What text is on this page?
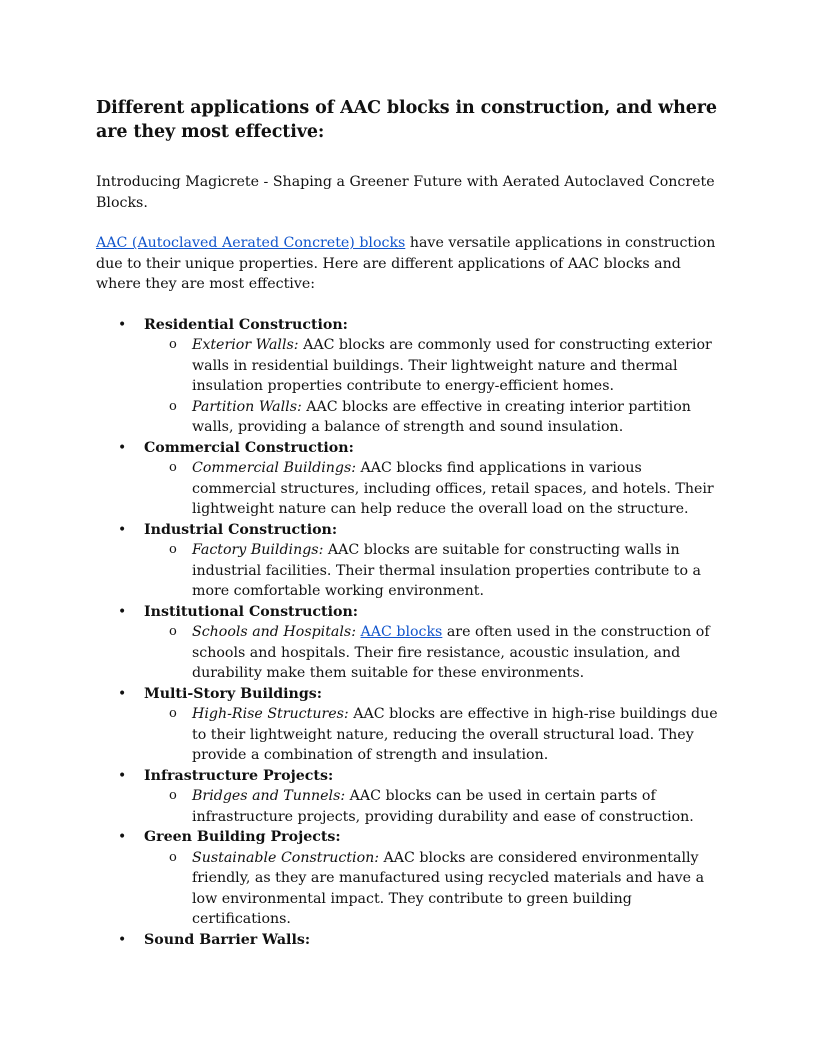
Different applications of AAC blocks in construction, and where are they most effective:

Introducing Magicrete - Shaping a Greener Future with Aerated Autoclaved Concrete Blocks.

AAC (Autoclaved Aerated Concrete) blocks have versatile applications in construction due to their unique properties. Here are different applications of AAC blocks and where they are most effective:

• Residential Construction:
o Exterior Walls: AAC blocks are commonly used for constructing exterior walls in residential buildings. Their lightweight nature and thermal insulation properties contribute to energy-efficient homes.
o Partition Walls: AAC blocks are effective in creating interior partition walls, providing a balance of strength and sound insulation.
• Commercial Construction:
o Commercial Buildings: AAC blocks find applications in various commercial structures, including offices, retail spaces, and hotels. Their lightweight nature can help reduce the overall load on the structure.
• Industrial Construction:
o Factory Buildings: AAC blocks are suitable for constructing walls in industrial facilities. Their thermal insulation properties contribute to a more comfortable working environment.
• Institutional Construction:
o Schools and Hospitals: AAC blocks are often used in the construction of schools and hospitals. Their fire resistance, acoustic insulation, and durability make them suitable for these environments.
• Multi-Story Buildings:
o High-Rise Structures: AAC blocks are effective in high-rise buildings due to their lightweight nature, reducing the overall structural load. They provide a combination of strength and insulation.
• Infrastructure Projects:
o Bridges and Tunnels: AAC blocks can be used in certain parts of infrastructure projects, providing durability and ease of construction.
• Green Building Projects:
o Sustainable Construction: AAC blocks are considered environmentally friendly, as they are manufactured using recycled materials and have a low environmental impact. They contribute to green building certifications.
• Sound Barrier Walls:
